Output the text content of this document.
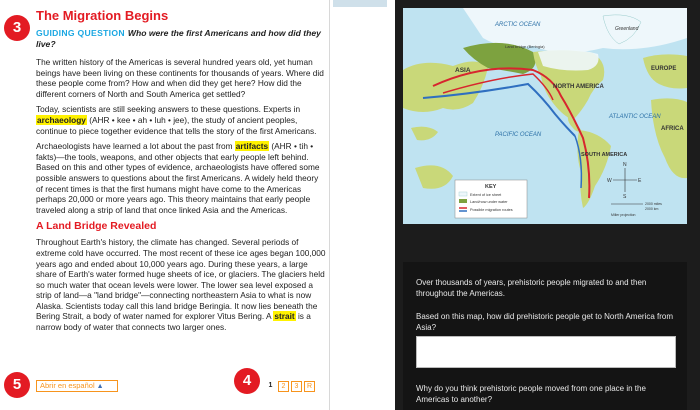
3
5	4
The Migration Begins
GUIDING QUESTION Who were the first Americans and how did they live?

The written history of the Americas is several hundred years old, yet human beings have been living on these continents for thousands of years. Where did these people come from? How and when did they get here? How did the different corners of North and South America get settled?

Today, scientists are still seeking answers to these questions. Experts in archaeology (AHR • kee • ah • luh • jee), the study of ancient peoples, continue to piece together evidence that tells the story of the first Americans.

Archaeologists have learned a lot about the past from artifacts (AHR • tih • fakts)—the tools, weapons, and other objects that early people left behind. Based on this and other types of evidence, archaeologists have offered some possible answers to questions about the first Americans. A widely held theory of recent times is that the first humans might have come to the Americas perhaps 20,000 or more years ago. This theory maintains that early people traveled along a strip of land that once linked Asia and the Americas.

A Land Bridge Revealed

Throughout Earth's history, the climate has changed. Several periods of extreme cold have occurred. The most recent of these ice ages began 100,000 years ago and ended about 10,000 years ago. During these years, a large share of Earth's water formed huge sheets of ice, or glaciers. The glaciers held so much water that ocean levels were lower. The lower sea level exposed a strip of land—a "land bridge"—connecting northeastern Asia to what is now Alaska. Scientists today call this land bridge Beringia. It now lies beneath the Bering Strait, a body of water named for explorer Vitus Bering. A strait is a narrow body of water that connects two larger ones.

Abrir en español ▲	1	2	3	R
ARCTIC OCEAN
Greenland
ASIA
Land bridge (Beringia)
NORTH AMERICA
EUROPE
ATLANTIC OCEAN
PACIFIC OCEAN
AFRICA
SOUTH AMERICA
KEY
Extent of ice sheet
Land/now under water
Possible migration routes
N
S
E
W
2000 miles
2000 km
Miller projection
Over thousands of years, prehistoric people migrated to and then throughout the Americas.
Based on this map, how did prehistoric people get to North America from Asia?
Why do you think prehistoric people moved from one place in the Americas to another?
